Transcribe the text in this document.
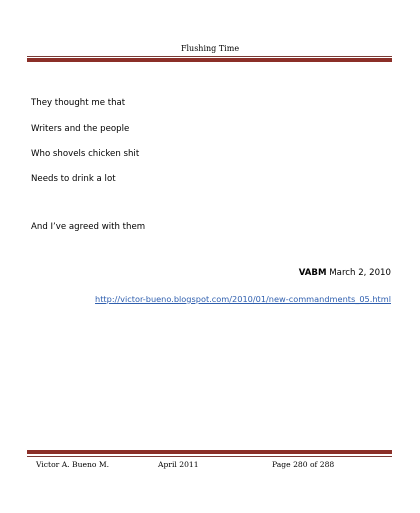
Flushing Time
They thought me that
Writers and the people
Who shovels chicken shit
Needs to drink a lot
And I’ve agreed with them
VABM March 2, 2010
http://victor-bueno.blogspot.com/2010/01/new-commandments_05.html
Victor A. Bueno M.	April 2011	Page 280 of 288
